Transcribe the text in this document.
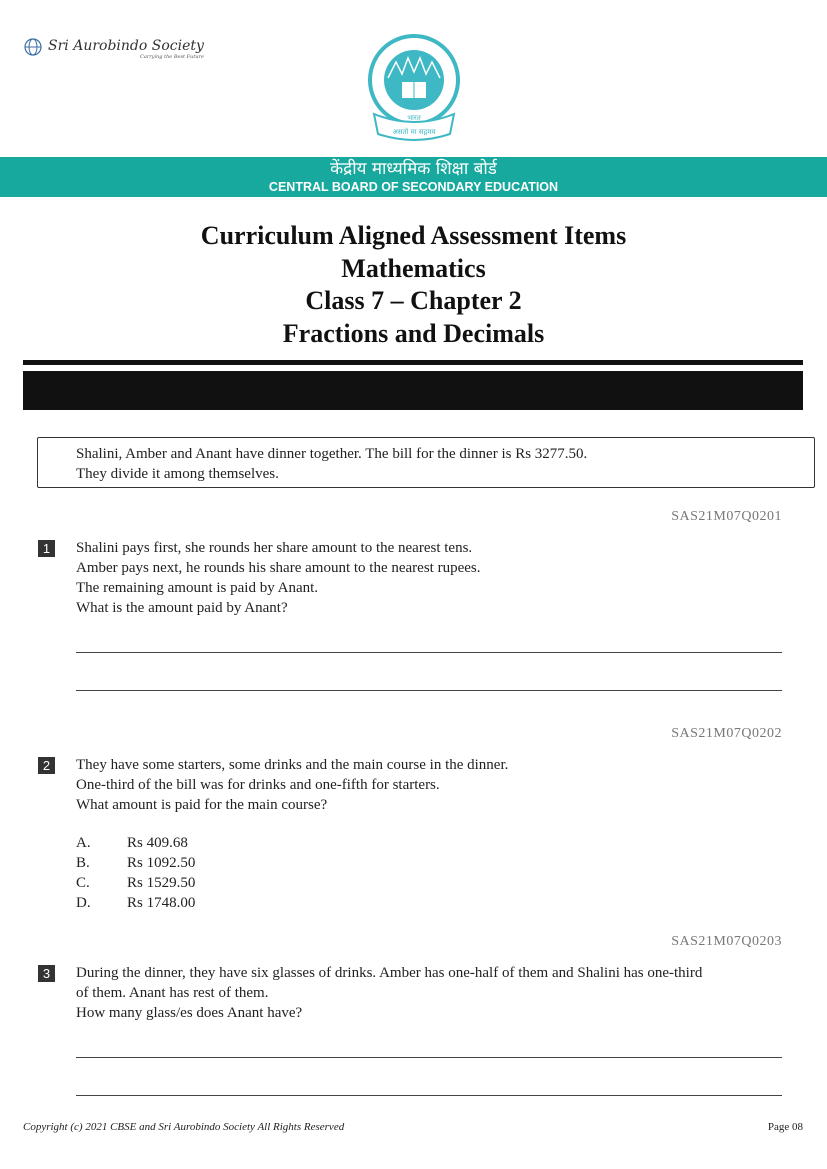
Sri Aurobindo Society
Carrying the Best Future
भारत
असतो मा सद्गमय
केंद्रीय माध्यमिक शिक्षा बोर्ड
CENTRAL BOARD OF SECONDARY EDUCATION
Curriculum Aligned Assessment Items
Mathematics
Class 7 – Chapter 2
Fractions and Decimals
Shalini, Amber and Anant have dinner together. The bill for the dinner is Rs 3277.50.
They divide it among themselves.
SAS21M07Q0201
1	Shalini pays first, she rounds her share amount to the nearest tens.
Amber pays next, he rounds his share amount to the nearest rupees.
The remaining amount is paid by Anant.
What is the amount paid by Anant?
SAS21M07Q0202
2	They have some starters, some drinks and the main course in the dinner.
One-third of the bill was for drinks and one-fifth for starters.
What amount is paid for the main course?
A.	Rs 409.68
B.	Rs 1092.50
C.	Rs 1529.50
D.	Rs 1748.00
SAS21M07Q0203
3	During the dinner, they have six glasses of drinks. Amber has one-half of them and Shalini has one-third
of them. Anant has rest of them.
How many glass/es does Anant have?
Copyright (c) 2021 CBSE and Sri Aurobindo Society All Rights Reserved	Page 08
